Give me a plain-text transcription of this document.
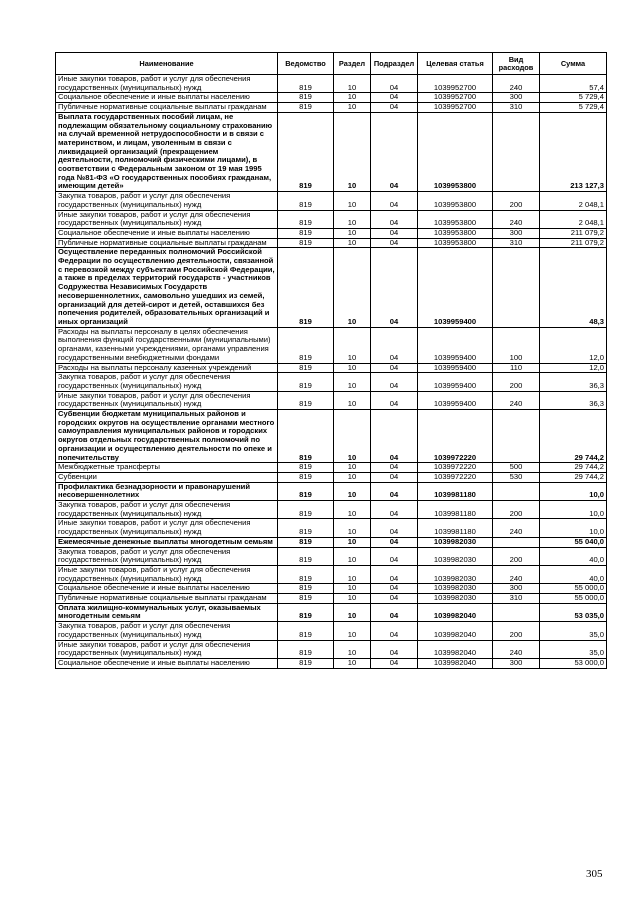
Наименование	Ведомство	Раздел	Подраздел	Целевая статья	Вид расходов	Сумма
Иные закупки товаров, работ и услуг для обеспечения государственных (муниципальных) нужд	819	10	04	1039952700	240	57,4
Социальное обеспечение и иные выплаты населению	819	10	04	1039952700	300	5 729,4
Публичные нормативные социальные выплаты гражданам	819	10	04	1039952700	310	5 729,4
Выплата государственных пособий лицам, не подлежащим обязательному социальному страхованию на случай временной нетрудоспособности и в связи с материнством, и лицам, уволенным в связи с ликвидацией организаций (прекращением деятельности, полномочий физическими лицами), в соответствии с Федеральным законом от 19 мая 1995 года №81-ФЗ «О государственных пособиях гражданам, имеющим детей»	819	10	04	1039953800		213 127,3
Закупка товаров, работ и услуг для обеспечения государственных (муниципальных) нужд	819	10	04	1039953800	200	2 048,1
Иные закупки товаров, работ и услуг для обеспечения государственных (муниципальных) нужд	819	10	04	1039953800	240	2 048,1
Социальное обеспечение и иные выплаты населению	819	10	04	1039953800	300	211 079,2
Публичные нормативные социальные выплаты гражданам	819	10	04	1039953800	310	211 079,2
Осуществление переданных полномочий Российской Федерации по осуществлению деятельности, связанной с перевозкой между субъектами Российской Федерации, а также в пределах территорий государств - участников Содружества Независимых Государств несовершеннолетних, самовольно ушедших из семей, организаций для детей-сирот и детей, оставшихся без попечения родителей, образовательных организаций и иных организаций	819	10	04	1039959400		48,3
Расходы на выплаты персоналу в целях обеспечения выполнения функций государственными (муниципальными) органами, казенными учреждениями, органами управления государственными внебюджетными фондами	819	10	04	1039959400	100	12,0
Расходы на выплаты персоналу казенных учреждений	819	10	04	1039959400	110	12,0
Закупка товаров, работ и услуг для обеспечения государственных (муниципальных) нужд	819	10	04	1039959400	200	36,3
Иные закупки товаров, работ и услуг для обеспечения государственных (муниципальных) нужд	819	10	04	1039959400	240	36,3
Субвенции бюджетам муниципальных районов и городских округов на осуществление органами местного самоуправления муниципальных районов и городских округов отдельных государственных полномочий по организации и осуществлению деятельности по опеке и попечительству	819	10	04	1039972220		29 744,2
Межбюджетные трансферты	819	10	04	1039972220	500	29 744,2
Субвенции	819	10	04	1039972220	530	29 744,2
Профилактика безнадзорности и правонарушений несовершеннолетних	819	10	04	1039981180		10,0
Закупка товаров, работ и услуг для обеспечения государственных (муниципальных) нужд	819	10	04	1039981180	200	10,0
Иные закупки товаров, работ и услуг для обеспечения государственных (муниципальных) нужд	819	10	04	1039981180	240	10,0
Ежемесячные денежные выплаты многодетным семьям	819	10	04	1039982030		55 040,0
Закупка товаров, работ и услуг для обеспечения государственных (муниципальных) нужд	819	10	04	1039982030	200	40,0
Иные закупки товаров, работ и услуг для обеспечения государственных (муниципальных) нужд	819	10	04	1039982030	240	40,0
Социальное обеспечение и иные выплаты населению	819	10	04	1039982030	300	55 000,0
Публичные нормативные социальные выплаты гражданам	819	10	04	1039982030	310	55 000,0
Оплата жилищно-коммунальных услуг, оказываемых многодетным семьям	819	10	04	1039982040		53 035,0
Закупка товаров, работ и услуг для обеспечения государственных (муниципальных) нужд	819	10	04	1039982040	200	35,0
Иные закупки товаров, работ и услуг для обеспечения государственных (муниципальных) нужд	819	10	04	1039982040	240	35,0
Социальное обеспечение и иные выплаты населению	819	10	04	1039982040	300	53 000,0
305
